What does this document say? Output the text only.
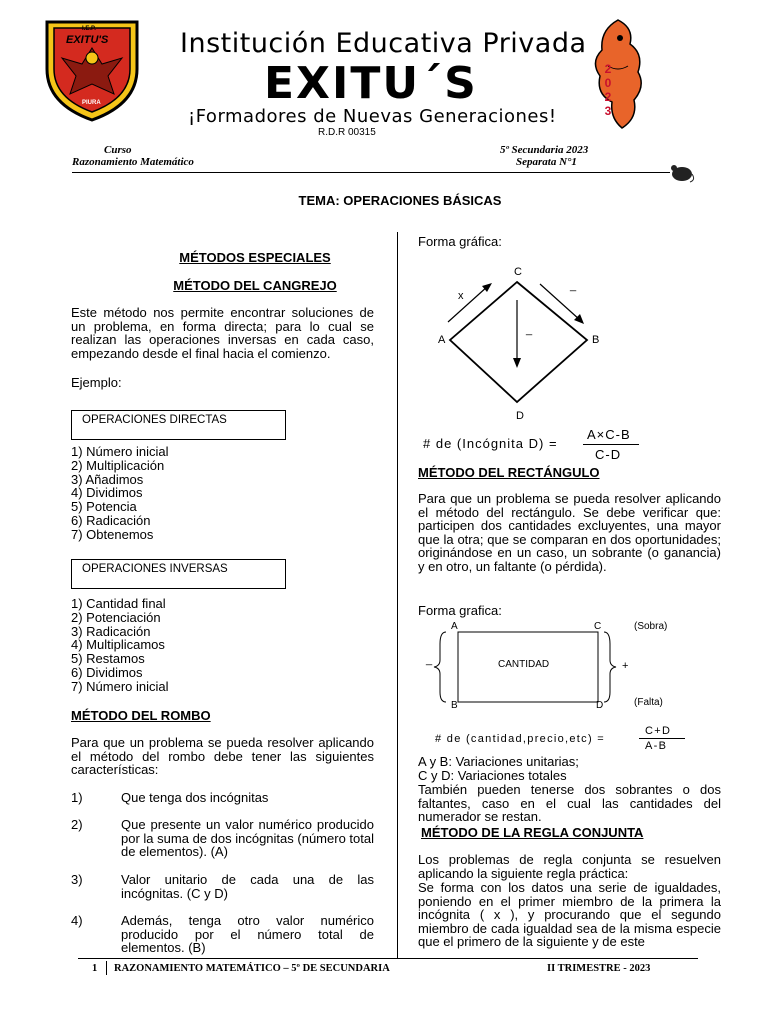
I.E.P.
EXITU'S
PIURA
Institución Educativa Privada
EXITU´S
¡Formadores de Nuevas Generaciones!
R.D.R 00315
2
0
2
3
Curso
Razonamiento Matemático
5º Secundaria 2023
Separata N°1
TEMA: OPERACIONES BÁSICAS
MÉTODOS ESPECIALES
MÉTODO DEL CANGREJO
Este método nos permite encontrar soluciones de un problema, en forma directa; para lo cual se realizan las operaciones inversas en cada caso, empezando desde el final hacia el comienzo.
Ejemplo:
OPERACIONES DIRECTAS
1) Número inicial
2) Multiplicación
3) Añadimos
4) Dividimos
5) Potencia
6) Radicación
7) Obtenemos
OPERACIONES INVERSAS
1) Cantidad final
2) Potenciación
3) Radicación
4) Multiplicamos
5) Restamos
6) Dividimos
7) Número inicial
MÉTODO DEL ROMBO
Para que un problema se pueda resolver aplicando el método del rombo debe tener las siguientes características:
1)	Que tenga dos incógnitas
2)	Que presente un valor numérico producido por la suma de dos incógnitas (número total de elementos). (A)
3)	Valor unitario de cada una de las incógnitas. (C y D)
4)	Además, tenga otro valor numérico producido por el número total de elementos. (B)
Forma gráfica:
C
A	B
D
x
_
_
# de (Incógnita D) =
A×C-B
C-D
MÉTODO DEL RECTÁNGULO
Para que un problema se pueda resolver aplicando el método del rectángulo. Se debe verificar que: participen dos cantidades excluyentes, una mayor que la otra; que se comparan en dos oportunidades; originándose en un caso, un sobrante (o ganancia) y en otro, un faltante (o pérdida).
Forma grafica:
A	C
B	D
CANTIDAD
(Sobra)
(Falta)
_	+
# de (cantidad,precio,etc) =
C+D
A-B
A y B: Variaciones unitarias;
C y D: Variaciones totales
También pueden tenerse dos sobrantes o dos faltantes, caso en el cual las cantidades del numerador se restan.
MÉTODO DE LA REGLA CONJUNTA
Los problemas de regla conjunta se resuelven aplicando la siguiente regla práctica:
Se forma con los datos una serie de igualdades, poniendo en el primer miembro de la primera la incógnita ( x ), y procurando que el segundo miembro de cada igualdad sea de la misma especie que el primero de la siguiente y de este
1 RAZONAMIENTO MATEMÁTICO – 5º DE SECUNDARIA	II TRIMESTRE - 2023
